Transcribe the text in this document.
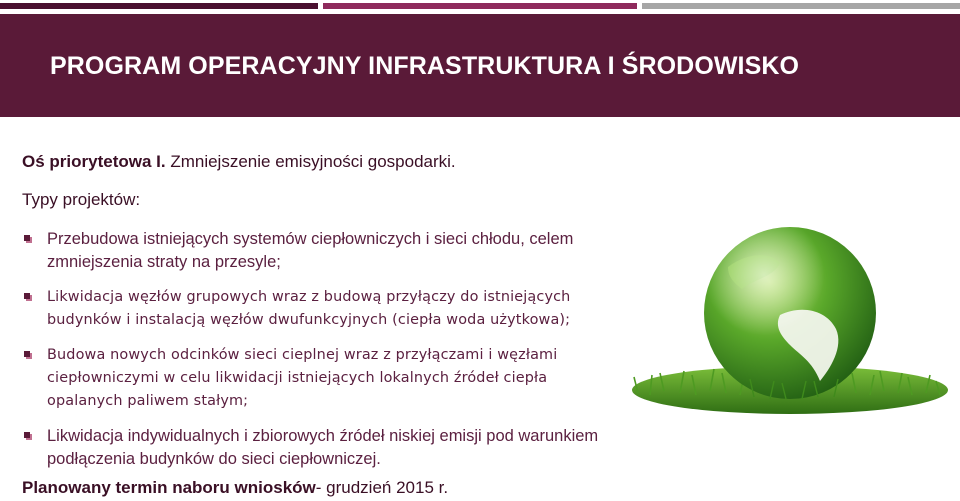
PROGRAM OPERACYJNY INFRASTRUKTURA I ŚRODOWISKO
Oś priorytetowa I. Zmniejszenie emisyjności gospodarki.
Typy projektów:
Przebudowa istniejących systemów ciepłowniczych i sieci chłodu, celem zmniejszenia straty na przesyle;
Likwidacja węzłów grupowych wraz z budową przyłączy do istniejących budynków i instalacją węzłów dwufunkcyjnych (ciepła woda użytkowa);
Budowa nowych odcinków sieci cieplnej wraz z przyłączami i węzłami ciepłowniczymi w celu likwidacji istniejących lokalnych źródeł ciepła opalanych paliwem stałym;
Likwidacja indywidualnych i zbiorowych źródeł niskiej emisji pod warunkiem podłączenia budynków do sieci ciepłowniczej.
Planowany termin naboru wniosków- grudzień 2015 r.
